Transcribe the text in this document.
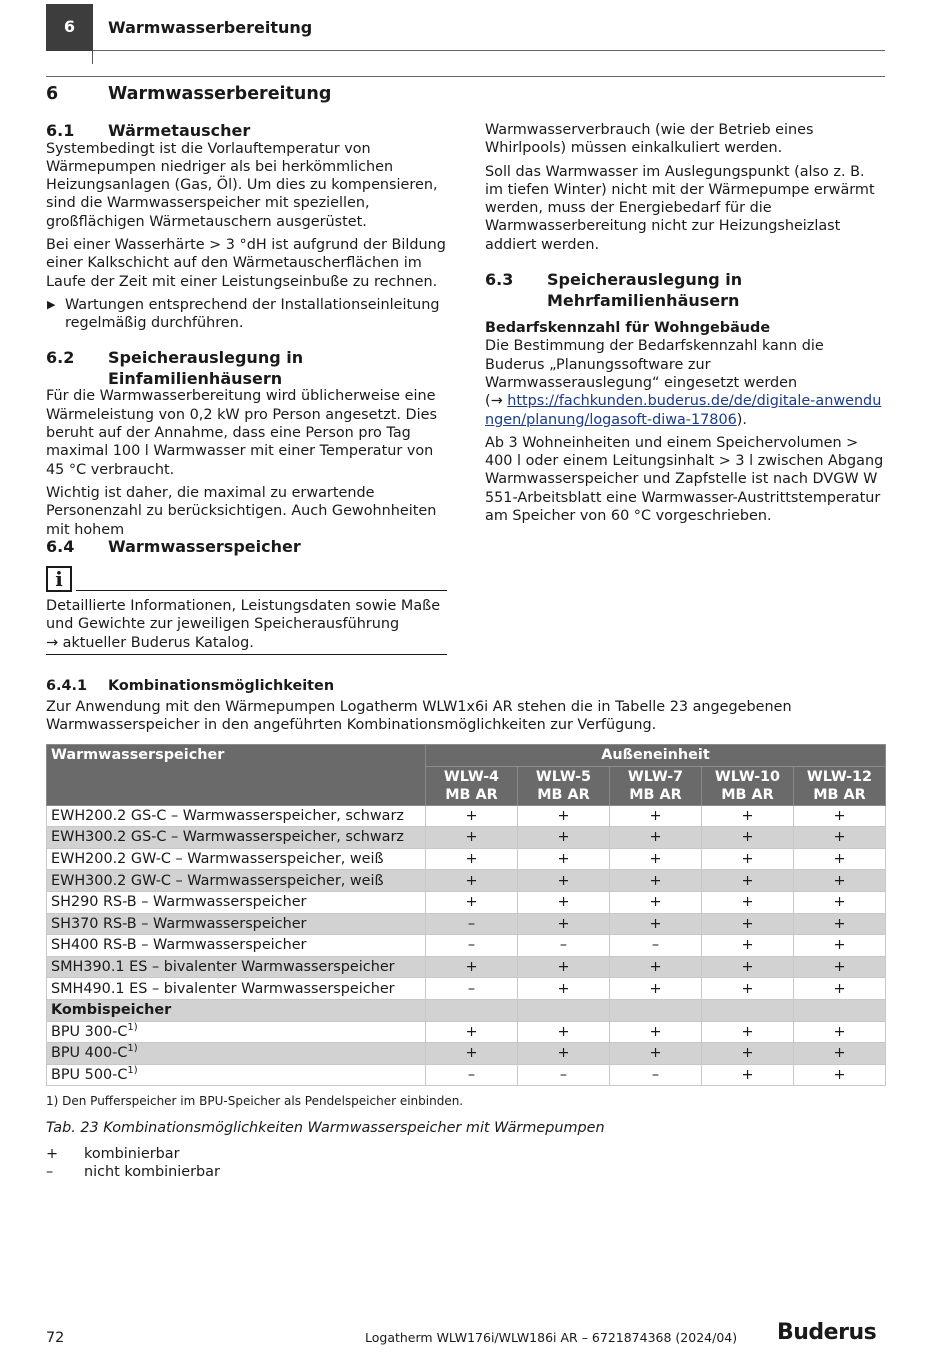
6	Warmwasserbereitung
6	Warmwasserbereitung
6.1 Wärmetauscher

Systembedingt ist die Vorlauftemperatur von Wärmepumpen niedriger als bei herkömmlichen Heizungsanlagen (Gas, Öl). Um dies zu kompensieren, sind die Warmwasserspeicher mit speziellen, großflächigen Wärmetauschern ausgerüstet.

Bei einer Wasserhärte > 3 °dH ist aufgrund der Bildung einer Kalkschicht auf den Wärmetauscherflächen im Laufe der Zeit mit einer Leistungseinbuße zu rechnen.

▶ Wartungen entsprechend der Installationseinleitung regelmäßig durchführen.

6.2	Speicherauslegung in Einfamilienhäusern

Für die Warmwasserbereitung wird üblicherweise eine Wärmeleistung von 0,2 kW pro Person angesetzt. Dies beruht auf der Annahme, dass eine Person pro Tag maximal 100 l Warmwasser mit einer Temperatur von 45 °C verbraucht.

Wichtig ist daher, die maximal zu erwartende Personenzahl zu berücksichtigen. Auch Gewohnheiten mit hohem

Warmwasserverbrauch (wie der Betrieb eines Whirlpools) müssen einkalkuliert werden.

Soll das Warmwasser im Auslegungspunkt (also z. B. im tiefen Winter) nicht mit der Wärmepumpe erwärmt werden, muss der Energiebedarf für die Warmwasserbereitung nicht zur Heizungsheizlast addiert werden.

6.3	Speicherauslegung in Mehrfamilienhäusern

Bedarfskennzahl für Wohngebäude

Die Bestimmung der Bedarfskennzahl kann die Buderus „Planungssoftware zur Warmwasserauslegung“ eingesetzt werden

(→ https://fachkunden.buderus.de/de/digitale-anwendungen/planung/logasoft-diwa-17806).

Ab 3 Wohneinheiten und einem Speichervolumen > 400 l oder einem Leitungsinhalt > 3 l zwischen Abgang Warmwasserspeicher und Zapfstelle ist nach DVGW W 551-Arbeitsblatt eine Warmwasser-Austrittstemperatur am Speicher von 60 °C vorgeschrieben.

6.4 Warmwasserspeicher
i

Detaillierte Informationen, Leistungsdaten sowie Maße und Gewichte zur jeweiligen Speicherausführung

→ aktueller Buderus Katalog.

6.4.1 Kombinationsmöglichkeiten

Zur Anwendung mit den Wärmepumpen Logatherm WLW1x6i AR stehen die in Tabelle 23 angegebenen Warmwasserspeicher in den angeführten Kombinationsmöglichkeiten zur Verfügung.

Warmwasserspeicher	Außeneinheit				
	WLW-4 MB AR	WLW-5 MB AR	WLW-7 MB AR	WLW-10 MB AR	WLW-12 MB AR
EWH200.2 GS-C – Warmwasserspeicher, schwarz	+	+	+	+	+
EWH300.2 GS-C – Warmwasserspeicher, schwarz	+	+	+	+	+
EWH200.2 GW-C – Warmwasserspeicher, weiß	+	+	+	+	+
EWH300.2 GW-C – Warmwasserspeicher, weiß	+	+	+	+	+
SH290 RS-B – Warmwasserspeicher	+	+	+	+	+
SH370 RS-B – Warmwasserspeicher	–	+	+	+	+
SH400 RS-B – Warmwasserspeicher	–	–	–	+	+
SMH390.1 ES – bivalenter Warmwasserspeicher	+	+	+	+	+
SMH490.1 ES – bivalenter Warmwasserspeicher	–	+	+	+	+
Kombispeicher					
BPU $300-C^{1)}$	+	+	+	+	+
BPU $400-C^{1)}$	+	+	+	+	+
BPU $500-C^{1)}$	–	–	–	+	+
1) Den Pufferspeicher im BPU-Speicher als Pendelspeicher einbinden.
Tab. 23 Kombinationsmöglichkeiten Warmwasserspeicher mit Wärmepumpen
+ kombinierbar
– nicht kombinierbar
72	Logatherm WLW176i/WLW186i AR – 6721874368 (2024/04) Buderus
